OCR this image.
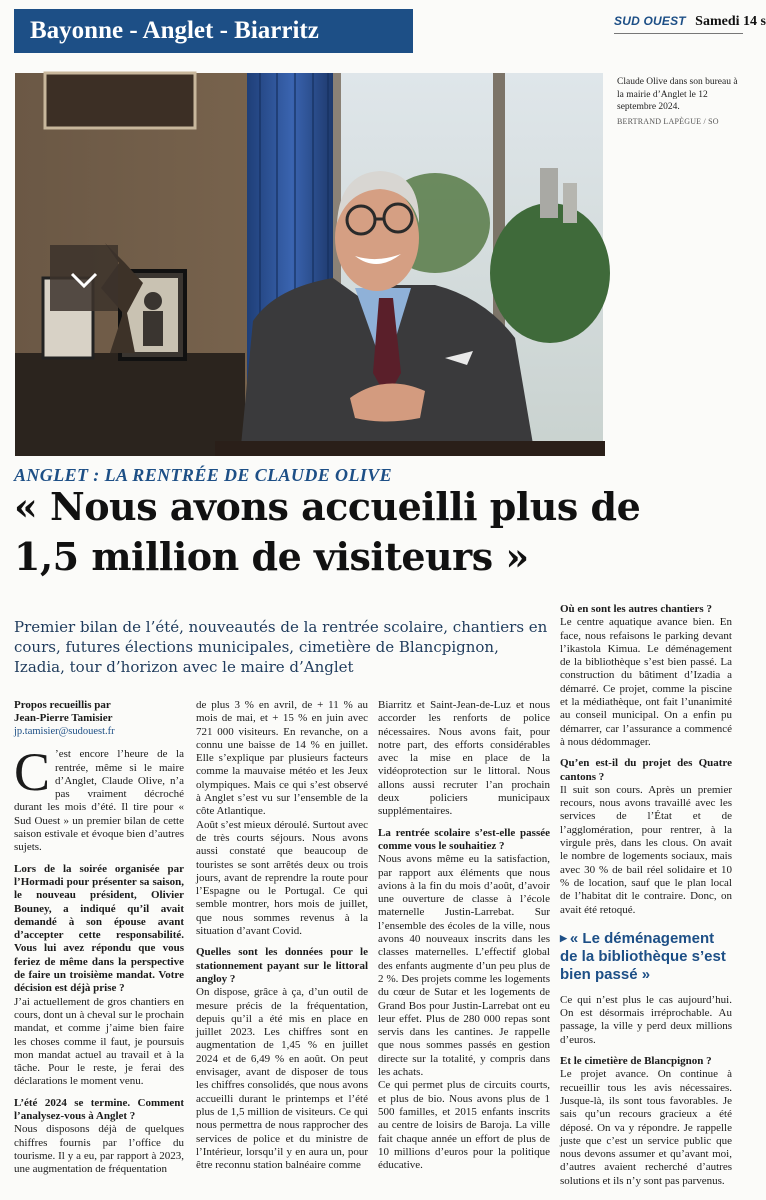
Bayonne - Anglet - Biarritz	SUD OUEST Samedi 14 s
Claude Olive dans son bureau à la mairie d’Anglet le 12 septembre 2024.
BERTRAND LAPÈGUE / SO
ANGLET : LA RENTRÉE DE CLAUDE OLIVE
« Nous avons accueilli plus de 1,5 million de visiteurs »
Premier bilan de l’été, nouveautés de la rentrée scolaire, chantiers en cours, futures élections municipales, cimetière de Blancpignon, Izadia, tour d’horizon avec le maire d’Anglet
Propos recueillis par
Jean-Pierre Tamisier
jp.tamisier@sudouest.fr

C ’est encore l’heure de la rentrée, même si le maire d’Anglet, Claude Olive, n’a pas vraiment décroché durant les mois d’été. Il tire pour « Sud Ouest » un premier bilan de cette saison estivale et évoque bien d’autres sujets.

Lors de la soirée organisée par l’Hormadi pour présenter sa saison, le nouveau président, Olivier Bouney, a indiqué qu’il avait demandé à son épouse avant d’accepter cette responsabilité. Vous lui avez répondu que vous feriez de même dans la perspective de faire un troisième mandat. Votre décision est déjà prise ?

J’ai actuellement de gros chantiers en cours, dont un à cheval sur le prochain mandat, et comme j’aime bien faire les choses comme il faut, je poursuis mon mandat actuel au travail et à la tâche. Pour le reste, je ferai des déclarations le moment venu.

L’été 2024 se termine. Comment l’analysez-vous à Anglet ?

Nous disposons déjà de quelques chiffres fournis par l’office du tourisme. Il y a eu, par rapport à 2023, une augmentation de fréquentation

de plus 3 % en avril, de + 11 % au mois de mai, et + 15 % en juin avec 721 000 visiteurs. En revanche, on a connu une baisse de 14 % en juillet. Elle s’explique par plusieurs facteurs comme la mauvaise météo et les Jeux olympiques. Mais ce qui s’est observé à Anglet s’est vu sur l’ensemble de la côte Atlantique.

Août s’est mieux déroulé. Surtout avec de très courts séjours. Nous avons aussi constaté que beaucoup de touristes se sont arrêtés deux ou trois jours, avant de reprendre la route pour l’Espagne ou le Portugal. Ce qui semble montrer, hors mois de juillet, que nous sommes revenus à la situation d’avant Covid.

Quelles sont les données pour le stationnement payant sur le littoral angloy ?

On dispose, grâce à ça, d’un outil de mesure précis de la fréquentation, depuis qu’il a été mis en place en juillet 2023. Les chiffres sont en augmentation de 1,45 % en juillet 2024 et de 6,49 % en août. On peut envisager, avant de disposer de tous les chiffres consolidés, que nous avons accueilli durant le printemps et l’été plus de 1,5 million de visiteurs. Ce qui nous permettra de nous rapprocher des services de police et du ministre de l’Intérieur, lorsqu’il y en aura un, pour être reconnu station balnéaire comme

Biarritz et Saint-Jean-de-Luz et nous accorder les renforts de police nécessaires. Nous avons fait, pour notre part, des efforts considérables avec la mise en place de la vidéoprotection sur le littoral. Nous allons aussi recruter l’an prochain deux policiers municipaux supplémentaires.

La rentrée scolaire s’est-elle passée comme vous le souhaitiez ?

Nous avons même eu la satisfaction, par rapport aux éléments que nous avions à la fin du mois d’août, d’avoir une ouverture de classe à l’école maternelle Justin-Larrebat. Sur l’ensemble des écoles de la ville, nous avons 40 nouveaux inscrits dans les classes maternelles. L’effectif global des enfants augmente d’un peu plus de 2 %. Des projets comme les logements du cœur de Sutar et les logements de Grand Bos pour Justin-Larrebat ont eu leur effet. Plus de 280 000 repas sont servis dans les cantines. Je rappelle que nous sommes passés en gestion directe sur la totalité, y compris dans les achats.

Ce qui permet plus de circuits courts, et plus de bio. Nous avons plus de 1 500 familles, et 2015 enfants inscrits au centre de loisirs de Baroja. La ville fait chaque année un effort de plus de 10 millions d’euros pour la politique éducative.

Où en sont les autres chantiers ?

Le centre aquatique avance bien. En face, nous refaisons le parking devant l’ikastola Kimua. Le déménagement de la bibliothèque s’est bien passé. La construction du bâtiment d’Izadia a démarré. Ce projet, comme la piscine et la médiathèque, ont fait l’unanimité au conseil municipal. On a enfin pu démarrer, car l’assurance a commencé à nous dédommager.

Qu’en est-il du projet des Quatre cantons ?

Il suit son cours. Après un premier recours, nous avons travaillé avec les services de l’État et de l’agglomération, pour rentrer, à la virgule près, dans les clous. On avait le nombre de logements sociaux, mais avec 30 % de bail réel solidaire et 10 % de location, sauf que le plan local de l’habitat dit le contraire. Donc, on avait été retoqué.

▶ « Le déménagement de la bibliothèque s’est bien passé »

Ce qui n’est plus le cas aujourd’hui. On est désormais irréprochable. Au passage, la ville y perd deux millions d’euros.

Et le cimetière de Blancpignon ?

Le projet avance. On continue à recueillir tous les avis nécessaires. Jusque-là, ils sont tous favorables. Je sais qu’un recours gracieux a été déposé. On va y répondre. Je rappelle juste que c’est un service public que nous devons assumer et qu’avant moi, d’autres avaient recherché d’autres solutions et ils n’y sont pas parvenus.
